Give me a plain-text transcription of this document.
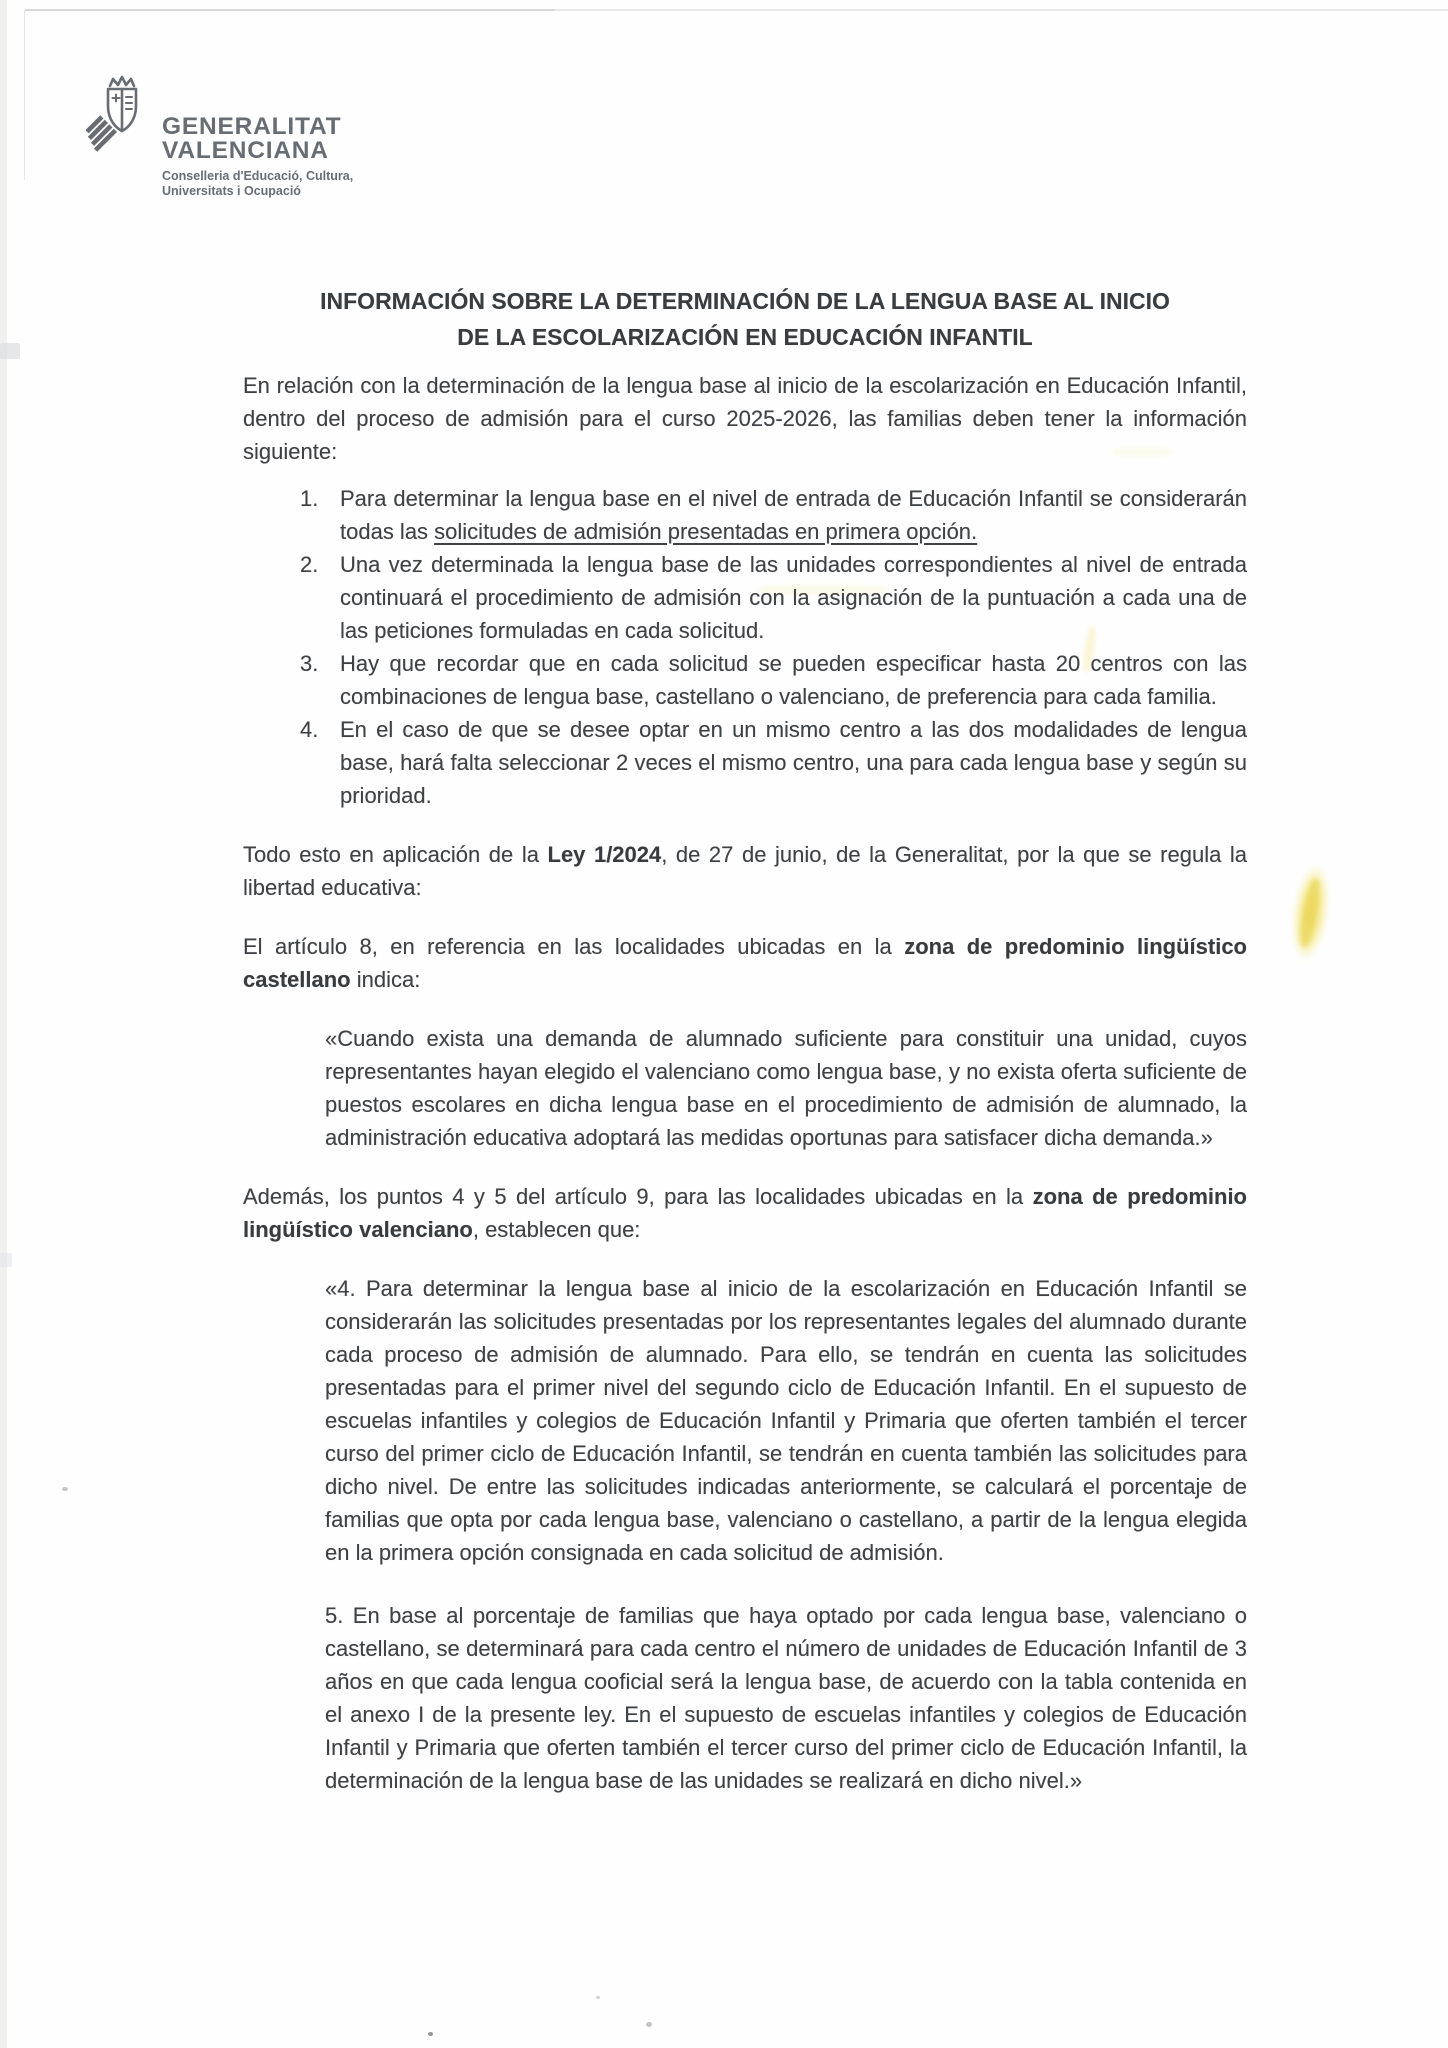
GENERALITAT
VALENCIANA
Conselleria d'Educació, Cultura,
Universitats i Ocupació
INFORMACIÓN SOBRE LA DETERMINACIÓN DE LA LENGUA BASE AL INICIO
DE LA ESCOLARIZACIÓN EN EDUCACIÓN INFANTIL

En relación con la determinación de la lengua base al inicio de la escolarización en Educación Infantil, dentro del proceso de admisión para el curso 2025-2026, las familias deben tener la información siguiente:

1. Para determinar la lengua base en el nivel de entrada de Educación Infantil se considerarán todas las solicitudes de admisión presentadas en primera opción.
2. Una vez determinada la lengua base de las unidades correspondientes al nivel de entrada continuará el procedimiento de admisión con la asignación de la puntuación a cada una de las peticiones formuladas en cada solicitud.
3. Hay que recordar que en cada solicitud se pueden especificar hasta 20 centros con las combinaciones de lengua base, castellano o valenciano, de preferencia para cada familia.
4. En el caso de que se desee optar en un mismo centro a las dos modalidades de lengua base, hará falta seleccionar 2 veces el mismo centro, una para cada lengua base y según su prioridad.

Todo esto en aplicación de la Ley 1/2024, de 27 de junio, de la Generalitat, por la que se regula la libertad educativa:

El artículo 8, en referencia en las localidades ubicadas en la zona de predominio lingüístico castellano indica:

«Cuando exista una demanda de alumnado suficiente para constituir una unidad, cuyos representantes hayan elegido el valenciano como lengua base, y no exista oferta suficiente de puestos escolares en dicha lengua base en el procedimiento de admisión de alumnado, la administración educativa adoptará las medidas oportunas para satisfacer dicha demanda.»

Además, los puntos 4 y 5 del artículo 9, para las localidades ubicadas en la zona de predominio lingüístico valenciano, establecen que:

«4. Para determinar la lengua base al inicio de la escolarización en Educación Infantil se considerarán las solicitudes presentadas por los representantes legales del alumnado durante cada proceso de admisión de alumnado. Para ello, se tendrán en cuenta las solicitudes presentadas para el primer nivel del segundo ciclo de Educación Infantil. En el supuesto de escuelas infantiles y colegios de Educación Infantil y Primaria que oferten también el tercer curso del primer ciclo de Educación Infantil, se tendrán en cuenta también las solicitudes para dicho nivel. De entre las solicitudes indicadas anteriormente, se calculará el porcentaje de familias que opta por cada lengua base, valenciano o castellano, a partir de la lengua elegida en la primera opción consignada en cada solicitud de admisión.

5. En base al porcentaje de familias que haya optado por cada lengua base, valenciano o castellano, se determinará para cada centro el número de unidades de Educación Infantil de 3 años en que cada lengua cooficial será la lengua base, de acuerdo con la tabla contenida en el anexo I de la presente ley. En el supuesto de escuelas infantiles y colegios de Educación Infantil y Primaria que oferten también el tercer curso del primer ciclo de Educación Infantil, la determinación de la lengua base de las unidades se realizará en dicho nivel.»
